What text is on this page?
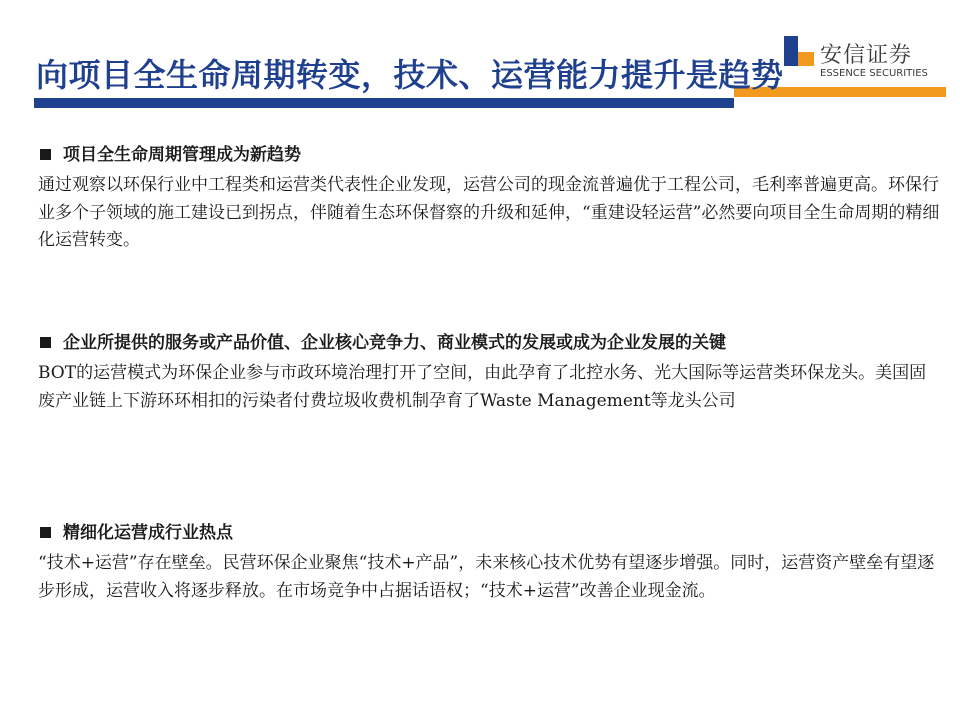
安信证券
ESSENCE SECURITIES
向项目全生命周期转变，技术、运营能力提升是趋势
项目全生命周期管理成为新趋势
通过观察以环保行业中工程类和运营类代表性企业发现，运营公司的现金流普遍优于工程公司，毛利率普遍更高。环保行业多个子领域的施工建设已到拐点，伴随着生态环保督察的升级和延伸，“重建设轻运营”必然要向项目全生命周期的精细化运营转变。
企业所提供的服务或产品价值、企业核心竞争力、商业模式的发展或成为企业发展的关键
BOT的运营模式为环保企业参与市政环境治理打开了空间，由此孕育了北控水务、光大国际等运营类环保龙头。美国固废产业链上下游环环相扣的污染者付费垃圾收费机制孕育了Waste Management等龙头公司
精细化运营成行业热点
“技术+运营”存在壁垒。民营环保企业聚焦“技术+产品”，未来核心技术优势有望逐步增强。同时，运营资产壁垒有望逐步形成，运营收入将逐步释放。在市场竞争中占据话语权；“技术+运营”改善企业现金流。
